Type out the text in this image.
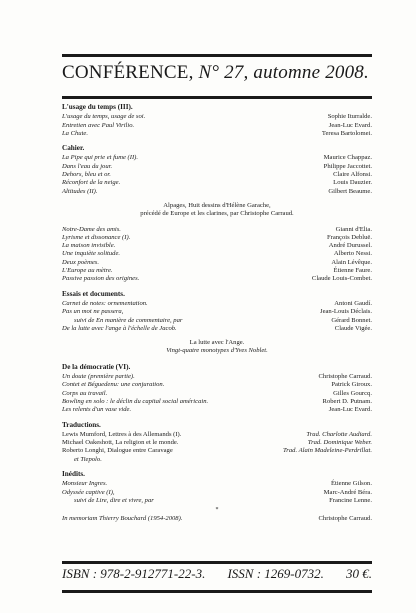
CONFÉRENCE, N° 27, automne 2008.
L'usage du temps (III).
L'usage du temps, usage de soi.	Sophie Iturralde.
Entretien avec Paul Virilio.	Jean-Luc Evard.
La Chute.	Teresa Bartolomei.
Cahier.
La Pipe qui prie et fume (II).	Maurice Chappaz.
Dans l'eau du jour.	Philippe Jaccottet.
Dehors, bleu et or.	Claire Alfonsi.
Réconfort de la neige.	Louis Dauzier.
Altitudes (II).	Gilbert Beaume.
Alpages, Huit dessins d'Hélène Garache,
précédé de Europe et les clarines, par Christophe Carraud.
Notre-Dame des amis.	Gianni d'Elia.
Lyrisme et dissonance (I).	François Debluë.
La maison invisible.	André Durussel.
Une inquiète solitude.	Alberto Nessi.
Deux poèmes.	Alain Lévêque.
L'Europe au mètre.	Étienne Faure.
Passive passion des origines.	Claude Louis-Combet.
Essais et documents.
Carnet de notes: ornementation.	Antoni Gaudí.
Pas un mot ne passera,	Jean-Louis Déclais.
suivi de En manière de commentaire, par	Gérard Bonnet.
De la lutte avec l'ange à l'échelle de Jacob.	Claude Vigée.
La lutte avec l'Ange.
Vingt-quatre monotypes d'Yves Noblet.
De la démocratie (VI).
Un doute (première partie).	Christophe Carraud.
Contet et Béguedenu: une conjuration.	Patrick Giroux.
Corps au travail.	Gilles Gourcq.
Bowling en solo : le déclin du capital social américain.	Robert D. Putnam.
Les relents d'un vase vide.	Jean-Luc Evard.
Traductions.
Lewis Mumford, Lettres à des Allemands (I).	Trad. Charlotte Audiard.
Michael Oakeshott, La religion et le monde.	Trad. Dominique Weber.
Roberto Longhi, Dialogue entre Caravage	Trad. Alain Madeleine-Perdrillat.
et Tiepolo.
Inédits.
Monsieur Ingres.	Étienne Gilson.
Odyssée captive (I),	Marc-André Béra.
suivi de Lire, dire et vivre, par	Francine Lenne.
*
In memoriam Thierry Bouchard (1954-2008).	Christophe Carraud.
ISBN : 978-2-912771-22-3. ISSN : 1269-0732. 30 €.
